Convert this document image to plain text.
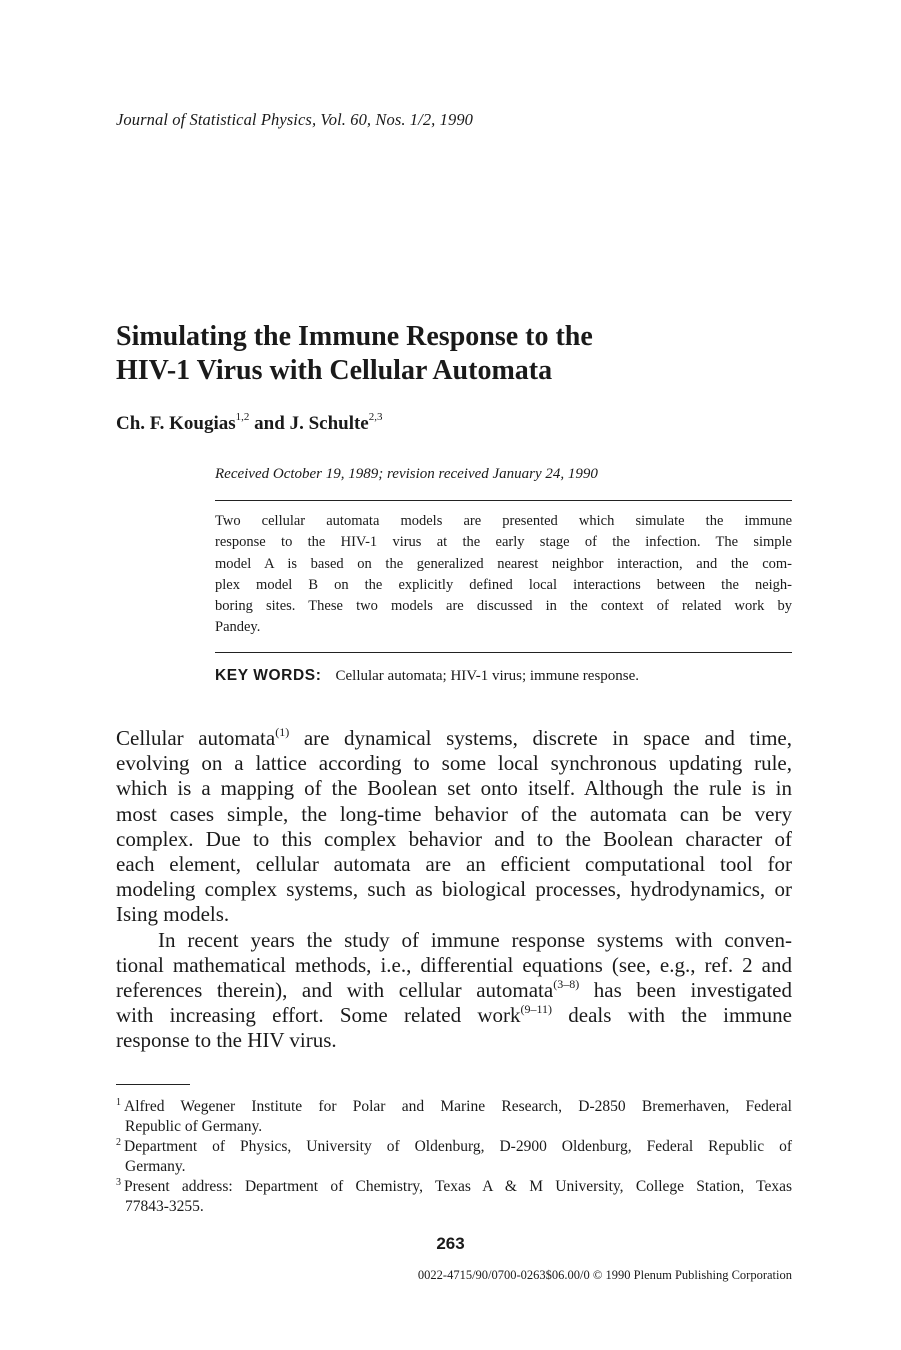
Journal of Statistical Physics, Vol. 60, Nos. 1/2, 1990
Simulating the Immune Response to the
HIV-1 Virus with Cellular Automata
Ch. F. Kougias$^{1,2}$ and J. Schulte$^{2,3}$
Received October 19, 1989; revision received January 24, 1990
Two cellular automata models are presented which simulate the immune
response to the HIV-1 virus at the early stage of the infection. The simple
model A is based on the generalized nearest neighbor interaction, and the com-
plex model B on the explicitly defined local interactions between the neigh-
boring sites. These two models are discussed in the context of related work by
Pandey.
KEY WORDS: Cellular automata; HIV-1 virus; immune response.
Cellular automata$^{(1)}$ are dynamical systems, discrete in space and time,
evolving on a lattice according to some local synchronous updating rule,
which is a mapping of the Boolean set onto itself. Although the rule is in
most cases simple, the long-time behavior of the automata can be very
complex. Due to this complex behavior and to the Boolean character of
each element, cellular automata are an efficient computational tool for
modeling complex systems, such as biological processes, hydrodynamics, or
Ising models.
In recent years the study of immune response systems with conven-
tional mathematical methods, i.e., differential equations (see, e.g., ref. 2 and
references therein), and with cellular automata$^{(3-8)}$ has been investigated
with increasing effort. Some related work$^{(9-11)}$ deals with the immune
response to the HIV virus.
$^1$ Alfred Wegener Institute for Polar and Marine Research, D-2850 Bremerhaven, Federal
Republic of Germany.
$^2$ Department of Physics, University of Oldenburg, D-2900 Oldenburg, Federal Republic of
Germany.
$^3$ Present address: Department of Chemistry, Texas A & M University, College Station, Texas
77843-3255.
263
0022-4715/90/0700-0263$06.00/0 © 1990 Plenum Publishing Corporation
